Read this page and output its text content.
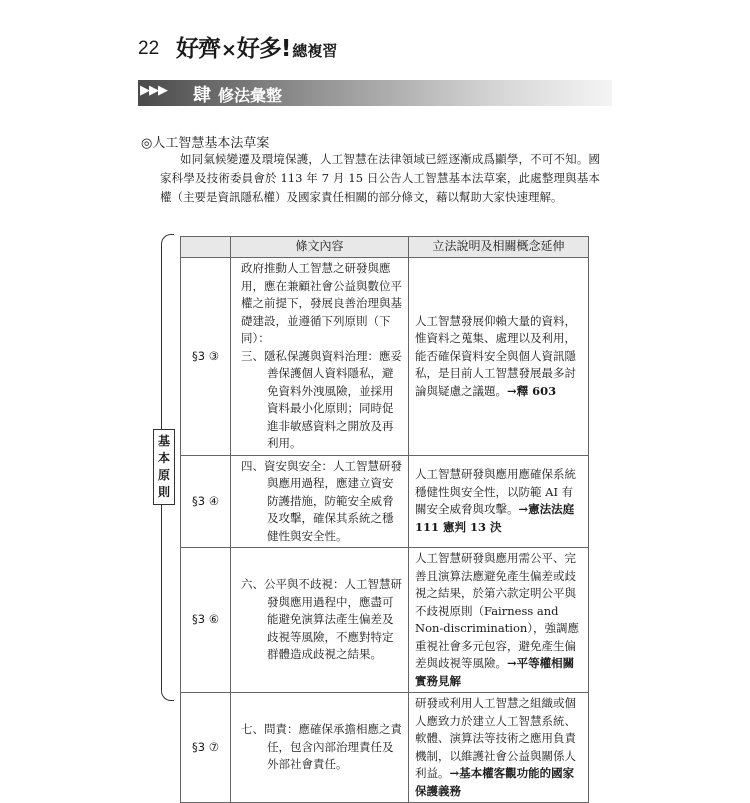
22 好齊×好多! 總複習
▶▶▶ 肆 修法彙整
◎人工智慧基本法草案

如同氣候變遷及環境保護，人工智慧在法律領域已經逐漸成爲顯學，不可不知。國家科學及技術委員會於 113 年 7 月 15 日公告人工智慧基本法草案，此處整理與基本權（主要是資訊隱私權）及國家責任相關的部分條文，藉以幫助大家快速理解。

基
本
原
則
	條文內容	立法說明及相關概念延伸
§3 ③	政府推動人工智慧之研發與應用，應在兼顧社會公益與數位平權之前提下，發展良善治理與基礎建設，並遵循下列原則（下同）：
三、隱私保護與資料治理：應妥善保護個人資料隱私，避免資料外洩風險，並採用資料最小化原則；同時促進非敏感資料之開放及再利用。	人工智慧發展仰賴大量的資料，惟資料之蒐集、處理以及利用，能否確保資料安全與個人資訊隱私，是目前人工智慧發展最多討論與疑慮之議題。→釋 603
§3 ④	四、資安與安全：人工智慧研發與應用過程，應建立資安防護措施，防範安全威脅及攻擊，確保其系統之穩健性與安全性。	人工智慧研發與應用應確保系統穩健性與安全性，以防範 AI 有關安全威脅與攻擊。→憲法法庭 111 憲判 13 決
§3 ⑥	六、公平與不歧視：人工智慧研發與應用過程中，應盡可能避免演算法產生偏差及歧視等風險，不應對特定群體造成歧視之結果。	人工智慧研發與應用需公平、完善且演算法應避免產生偏差或歧視之結果，於第六款定明公平與不歧視原則（Fairness and Non-discrimination），強調應重視社會多元包容，避免產生偏差與歧視等風險。→平等權相關實務見解
§3 ⑦	七、問責：應確保承擔相應之責任，包含內部治理責任及外部社會責任。	研發或利用人工智慧之組織或個人應致力於建立人工智慧系統、軟體、演算法等技術之應用負責機制，以維護社會公益與關係人利益。→基本權客觀功能的國家保護義務
